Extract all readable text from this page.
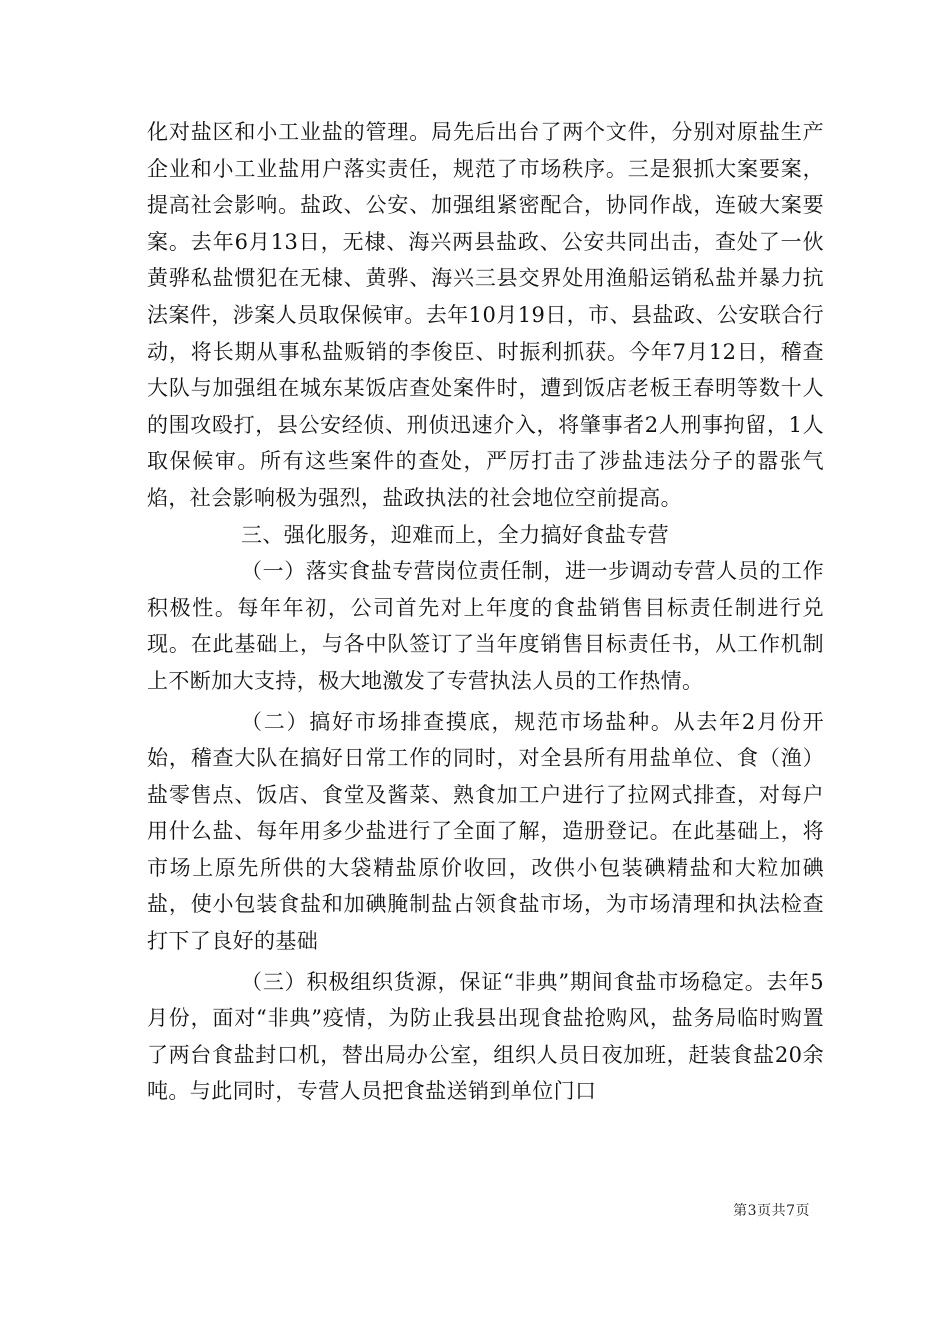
化对盐区和小工业盐的管理。局先后出台了两个文件，分别对原盐生产企业和小工业盐用户落实责任，规范了市场秩序。三是狠抓大案要案，提高社会影响。盐政、公安、加强组紧密配合，协同作战，连破大案要案。去年6月13日，无棣、海兴两县盐政、公安共同出击，查处了一伙黄骅私盐惯犯在无棣、黄骅、海兴三县交界处用渔船运销私盐并暴力抗法案件，涉案人员取保候审。去年10月19日，市、县盐政、公安联合行动，将长期从事私盐贩销的李俊臣、时振利抓获。今年7月12日，稽查大队与加强组在城东某饭店查处案件时，遭到饭店老板王春明等数十人的围攻殴打，县公安经侦、刑侦迅速介入，将肇事者2人刑事拘留，1人取保候审。所有这些案件的查处，严厉打击了涉盐违法分子的嚣张气焰，社会影响极为强烈，盐政执法的社会地位空前提高。

三、强化服务，迎难而上，全力搞好食盐专营

（一）落实食盐专营岗位责任制，进一步调动专营人员的工作积极性。每年年初，公司首先对上年度的食盐销售目标责任制进行兑现。在此基础上，与各中队签订了当年度销售目标责任书，从工作机制上不断加大支持，极大地激发了专营执法人员的工作热情。

（二）搞好市场排查摸底，规范市场盐种。从去年2月份开始，稽查大队在搞好日常工作的同时，对全县所有用盐单位、食（渔）盐零售点、饭店、食堂及酱菜、熟食加工户进行了拉网式排查，对每户用什么盐、每年用多少盐进行了全面了解，造册登记。在此基础上，将市场上原先所供的大袋精盐原价收回，改供小包装碘精盐和大粒加碘盐，使小包装食盐和加碘腌制盐占领食盐市场，为市场清理和执法检查打下了良好的基础

（三）积极组织货源，保证“非典”期间食盐市场稳定。去年5月份，面对“非典”疫情，为防止我县出现食盐抢购风，盐务局临时购置了两台食盐封口机，替出局办公室，组织人员日夜加班，赶装食盐20余吨。与此同时，专营人员把食盐送销到单位门口

第3页共7页
